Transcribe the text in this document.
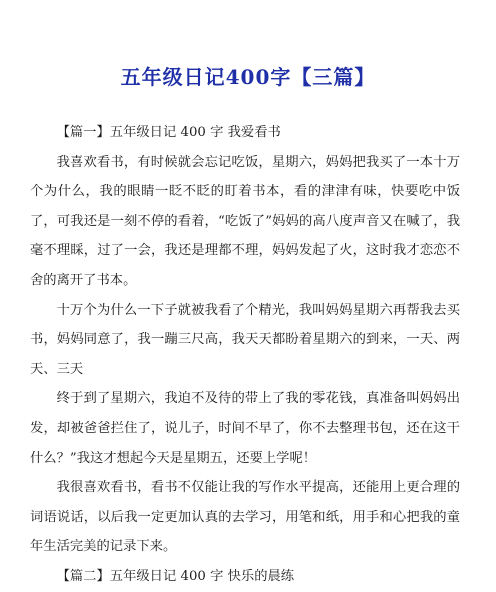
五年级日记400字【三篇】

【篇一】五年级日记 400 字 我爱看书

我喜欢看书，有时候就会忘记吃饭，星期六，妈妈把我买了一本十万个为什么，我的眼睛一眨不眨的盯着书本，看的津津有味，快要吃中饭了，可我还是一刻不停的看着，“吃饭了”妈妈的高八度声音又在喊了，我毫不理睬，过了一会，我还是理都不理，妈妈发起了火，这时我才恋恋不舍的离开了书本。

十万个为什么一下子就被我看了个精光，我叫妈妈星期六再帮我去买书，妈妈同意了，我一蹦三尺高，我天天都盼着星期六的到来，一天、两天、三天

终于到了星期六，我迫不及待的带上了我的零花钱，真准备叫妈妈出发，却被爸爸拦住了，说儿子，时间不早了，你不去整理书包，还在这干什么？”我这才想起今天是星期五，还要上学呢！

我很喜欢看书，看书不仅能让我的写作水平提高，还能用上更合理的词语说话，以后我一定更加认真的去学习，用笔和纸，用手和心把我的童年生活完美的记录下来。

【篇二】五年级日记 400 字 快乐的晨练
